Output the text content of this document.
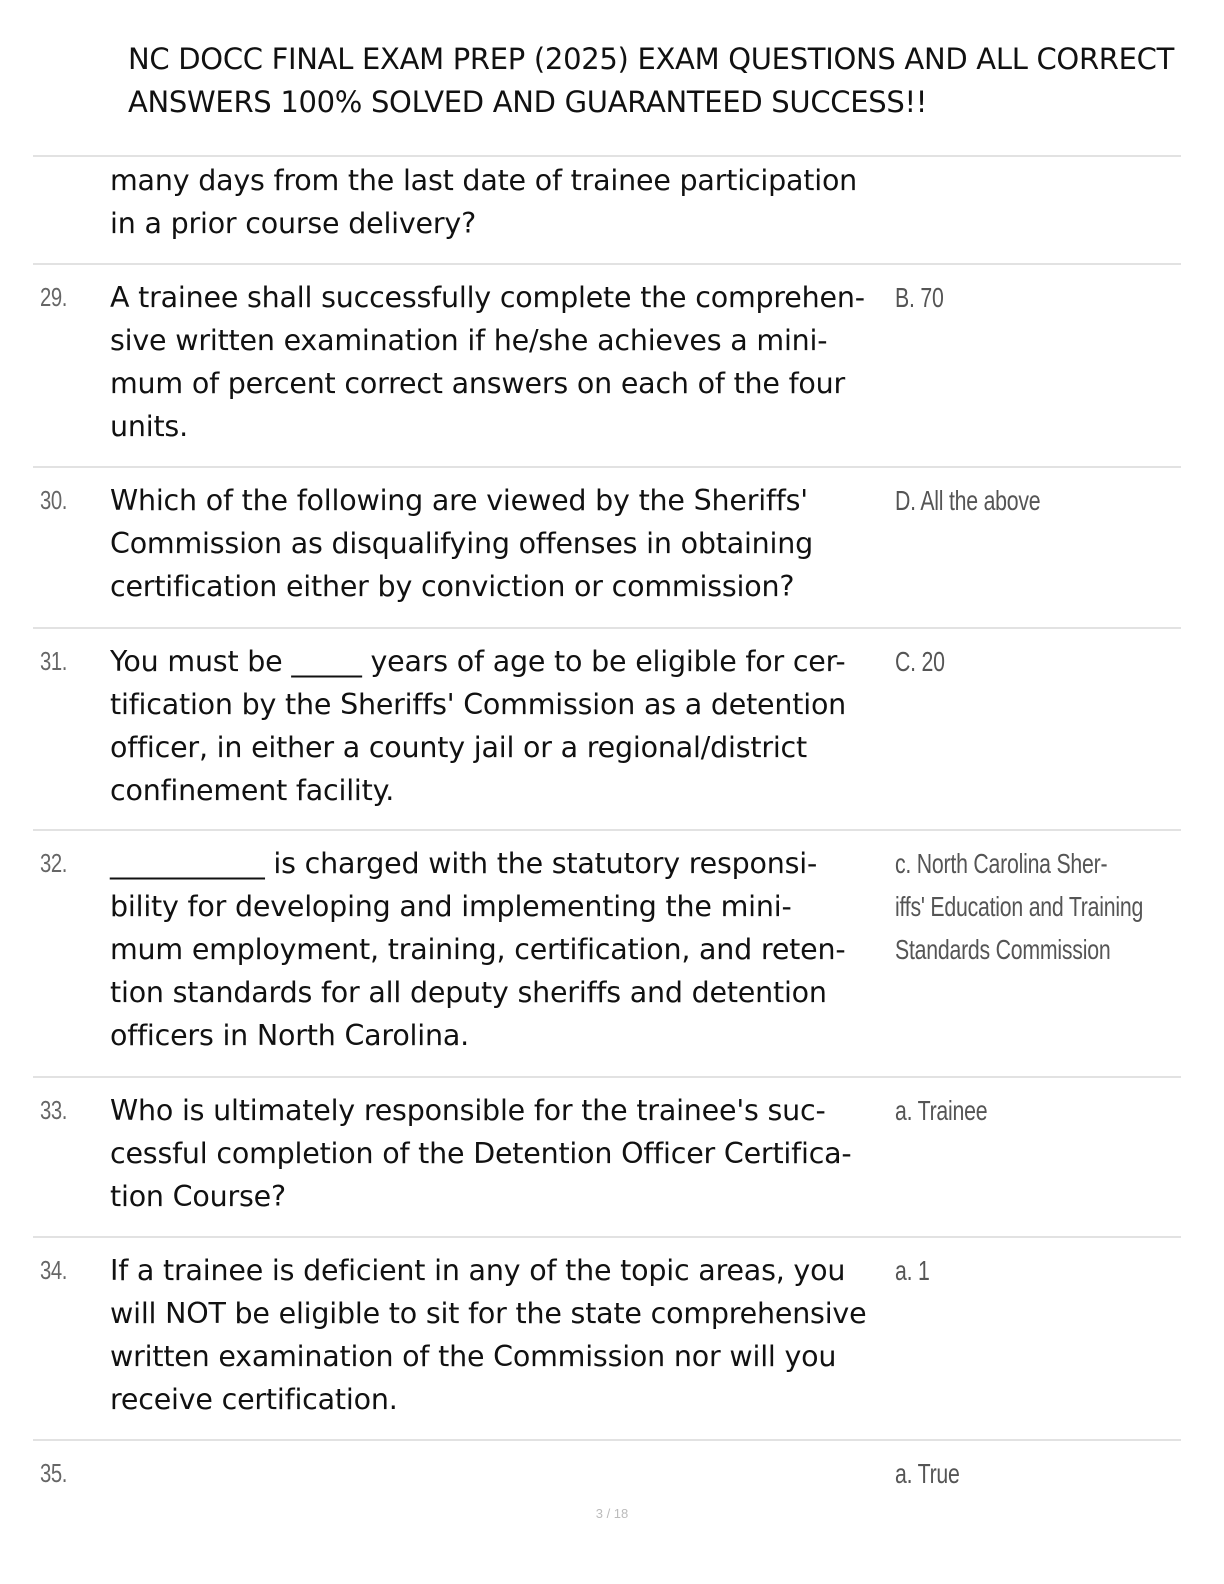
NC DOCC FINAL EXAM PREP (2025) EXAM QUESTIONS AND ALL CORRECT
ANSWERS 100% SOLVED AND GUARANTEED SUCCESS!!
many days from the last date of trainee participation
in a prior course delivery?
29. A trainee shall successfully complete the comprehen-
sive written examination if he/she achieves a mini-
mum of percent correct answers on each of the four
units.
B. 70
30. Which of the following are viewed by the Sheriffs'
Commission as disqualifying offenses in obtaining
certification either by conviction or commission?
D. All the above
31. You must be _____ years of age to be eligible for cer-
tification by the Sheriffs' Commission as a detention
officer, in either a county jail or a regional/district
confinement facility.
C. 20
32. ___________ is charged with the statutory responsi-
bility for developing and implementing the mini-
mum employment, training, certification, and reten-
tion standards for all deputy sheriffs and detention
officers in North Carolina.
c. North Carolina Sher-
iffs' Education and Training
Standards Commission
33. Who is ultimately responsible for the trainee's suc-
cessful completion of the Detention Officer Certifica-
tion Course?
a. Trainee
34. If a trainee is deficient in any of the topic areas, you
will NOT be eligible to sit for the state comprehensive
written examination of the Commission nor will you
receive certification.
a. 1
35.	a. True
3 / 18
